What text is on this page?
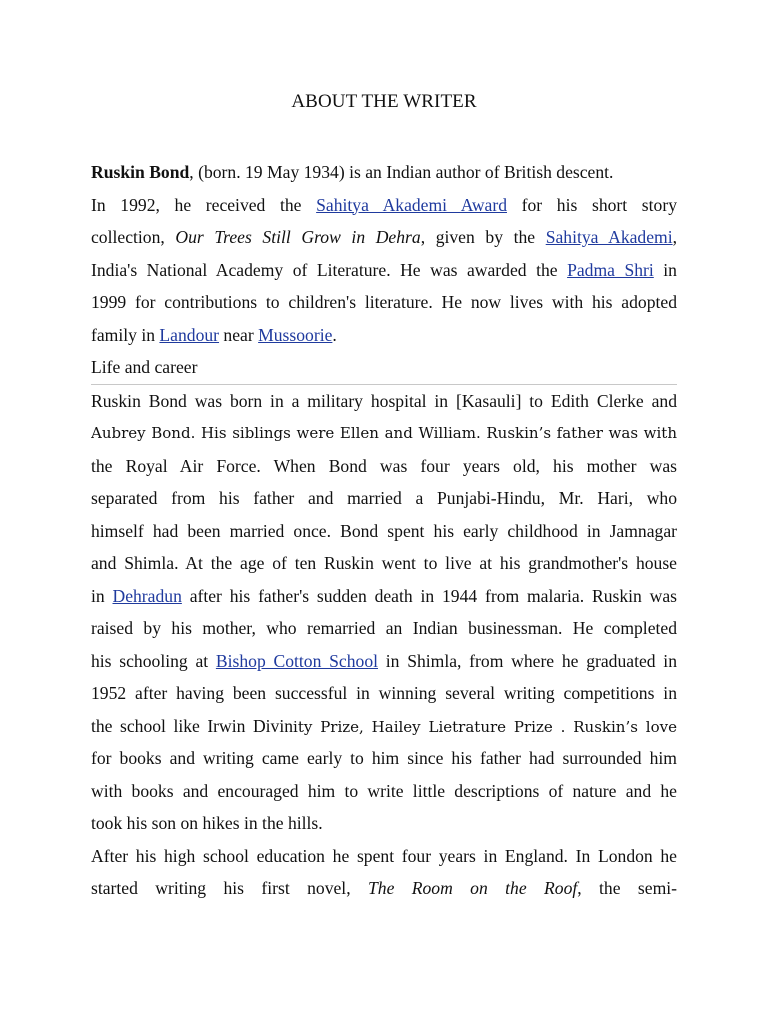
ABOUT THE WRITER
Ruskin Bond, (born. 19 May 1934) is an Indian author of British descent.
In 1992, he received the Sahitya Akademi Award for his short story
collection, Our Trees Still Grow in Dehra, given by the Sahitya Akademi,
India's National Academy of Literature. He was awarded the Padma Shri in
1999 for contributions to children's literature. He now lives with his adopted
family in Landour near Mussoorie.
Life and career
Ruskin Bond was born in a military hospital in [Kasauli] to Edith Clerke and
Aubrey Bond. His siblings were Ellen and William. Ruskin’s father was with
the Royal Air Force. When Bond was four years old, his mother was
separated from his father and married a Punjabi-Hindu, Mr. Hari, who
himself had been married once. Bond spent his early childhood in Jamnagar
and Shimla. At the age of ten Ruskin went to live at his grandmother's house
in Dehradun after his father's sudden death in 1944 from malaria. Ruskin was
raised by his mother, who remarried an Indian businessman. He completed
his schooling at Bishop Cotton School in Shimla, from where he graduated in
1952 after having been successful in winning several writing competitions in
the school like Irwin Divinity Prize, Hailey Lietrature Prize . Ruskin’s love
for books and writing came early to him since his father had surrounded him
with books and encouraged him to write little descriptions of nature and he
took his son on hikes in the hills.
After his high school education he spent four years in England. In London he
started writing his first novel, The Room on the Roof, the semi-
